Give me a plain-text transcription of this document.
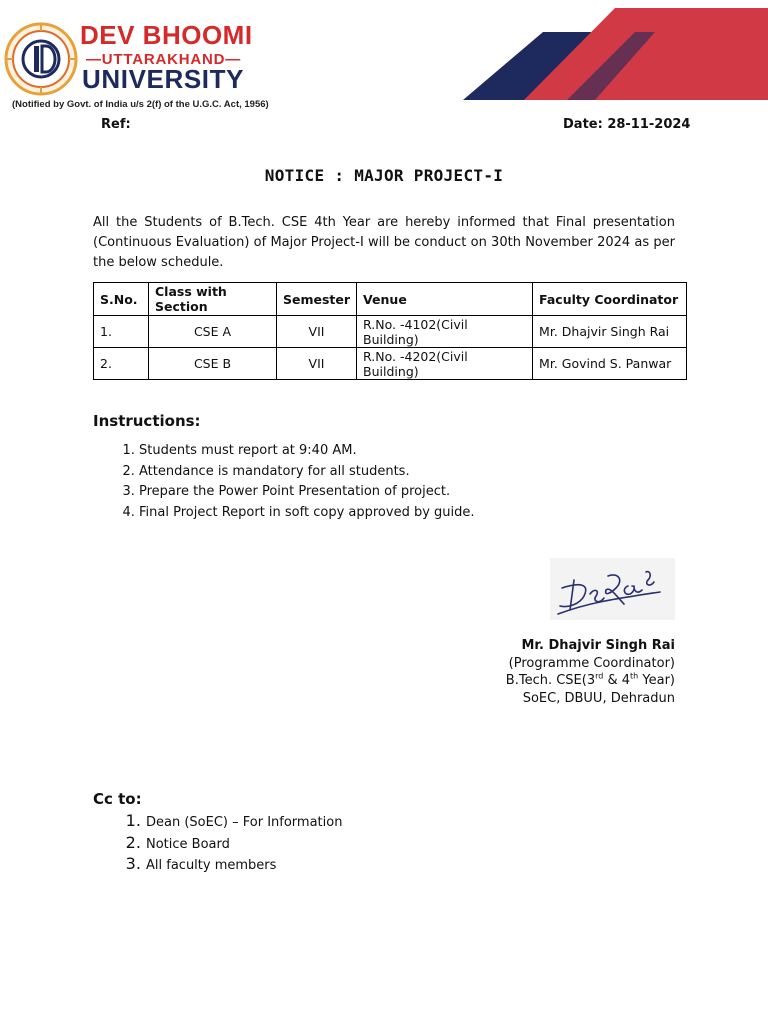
DEV BHOOMI
—UTTARAKHAND—
UNIVERSITY
(Notified by Govt. of India u/s 2(f) of the U.G.C. Act, 1956)
Ref:	Date: 28-11-2024
NOTICE : MAJOR PROJECT-I
All the Students of B.Tech. CSE 4th Year are hereby informed that Final presentation (Continuous Evaluation) of Major Project-I will be conduct on 30th November 2024 as per the below schedule.
S.No.	Class with Section	Semester	Venue	Faculty Coordinator
1.	CSE A	VII	R.No. -4102(Civil Building)	Mr. Dhajvir Singh Rai
2.	CSE B	VII	R.No. -4202(Civil Building)	Mr. Govind S. Panwar
Instructions:
1. Students must report at 9:40 AM.
2. Attendance is mandatory for all students.
3. Prepare the Power Point Presentation of project.
4. Final Project Report in soft copy approved by guide.
Mr. Dhajvir Singh Rai
(Programme Coordinator)
B.Tech. CSE(3rd & 4th Year)
SoEC, DBUU, Dehradun
Cc to:
1. Dean (SoEC) – For Information
2. Notice Board
3. All faculty members
